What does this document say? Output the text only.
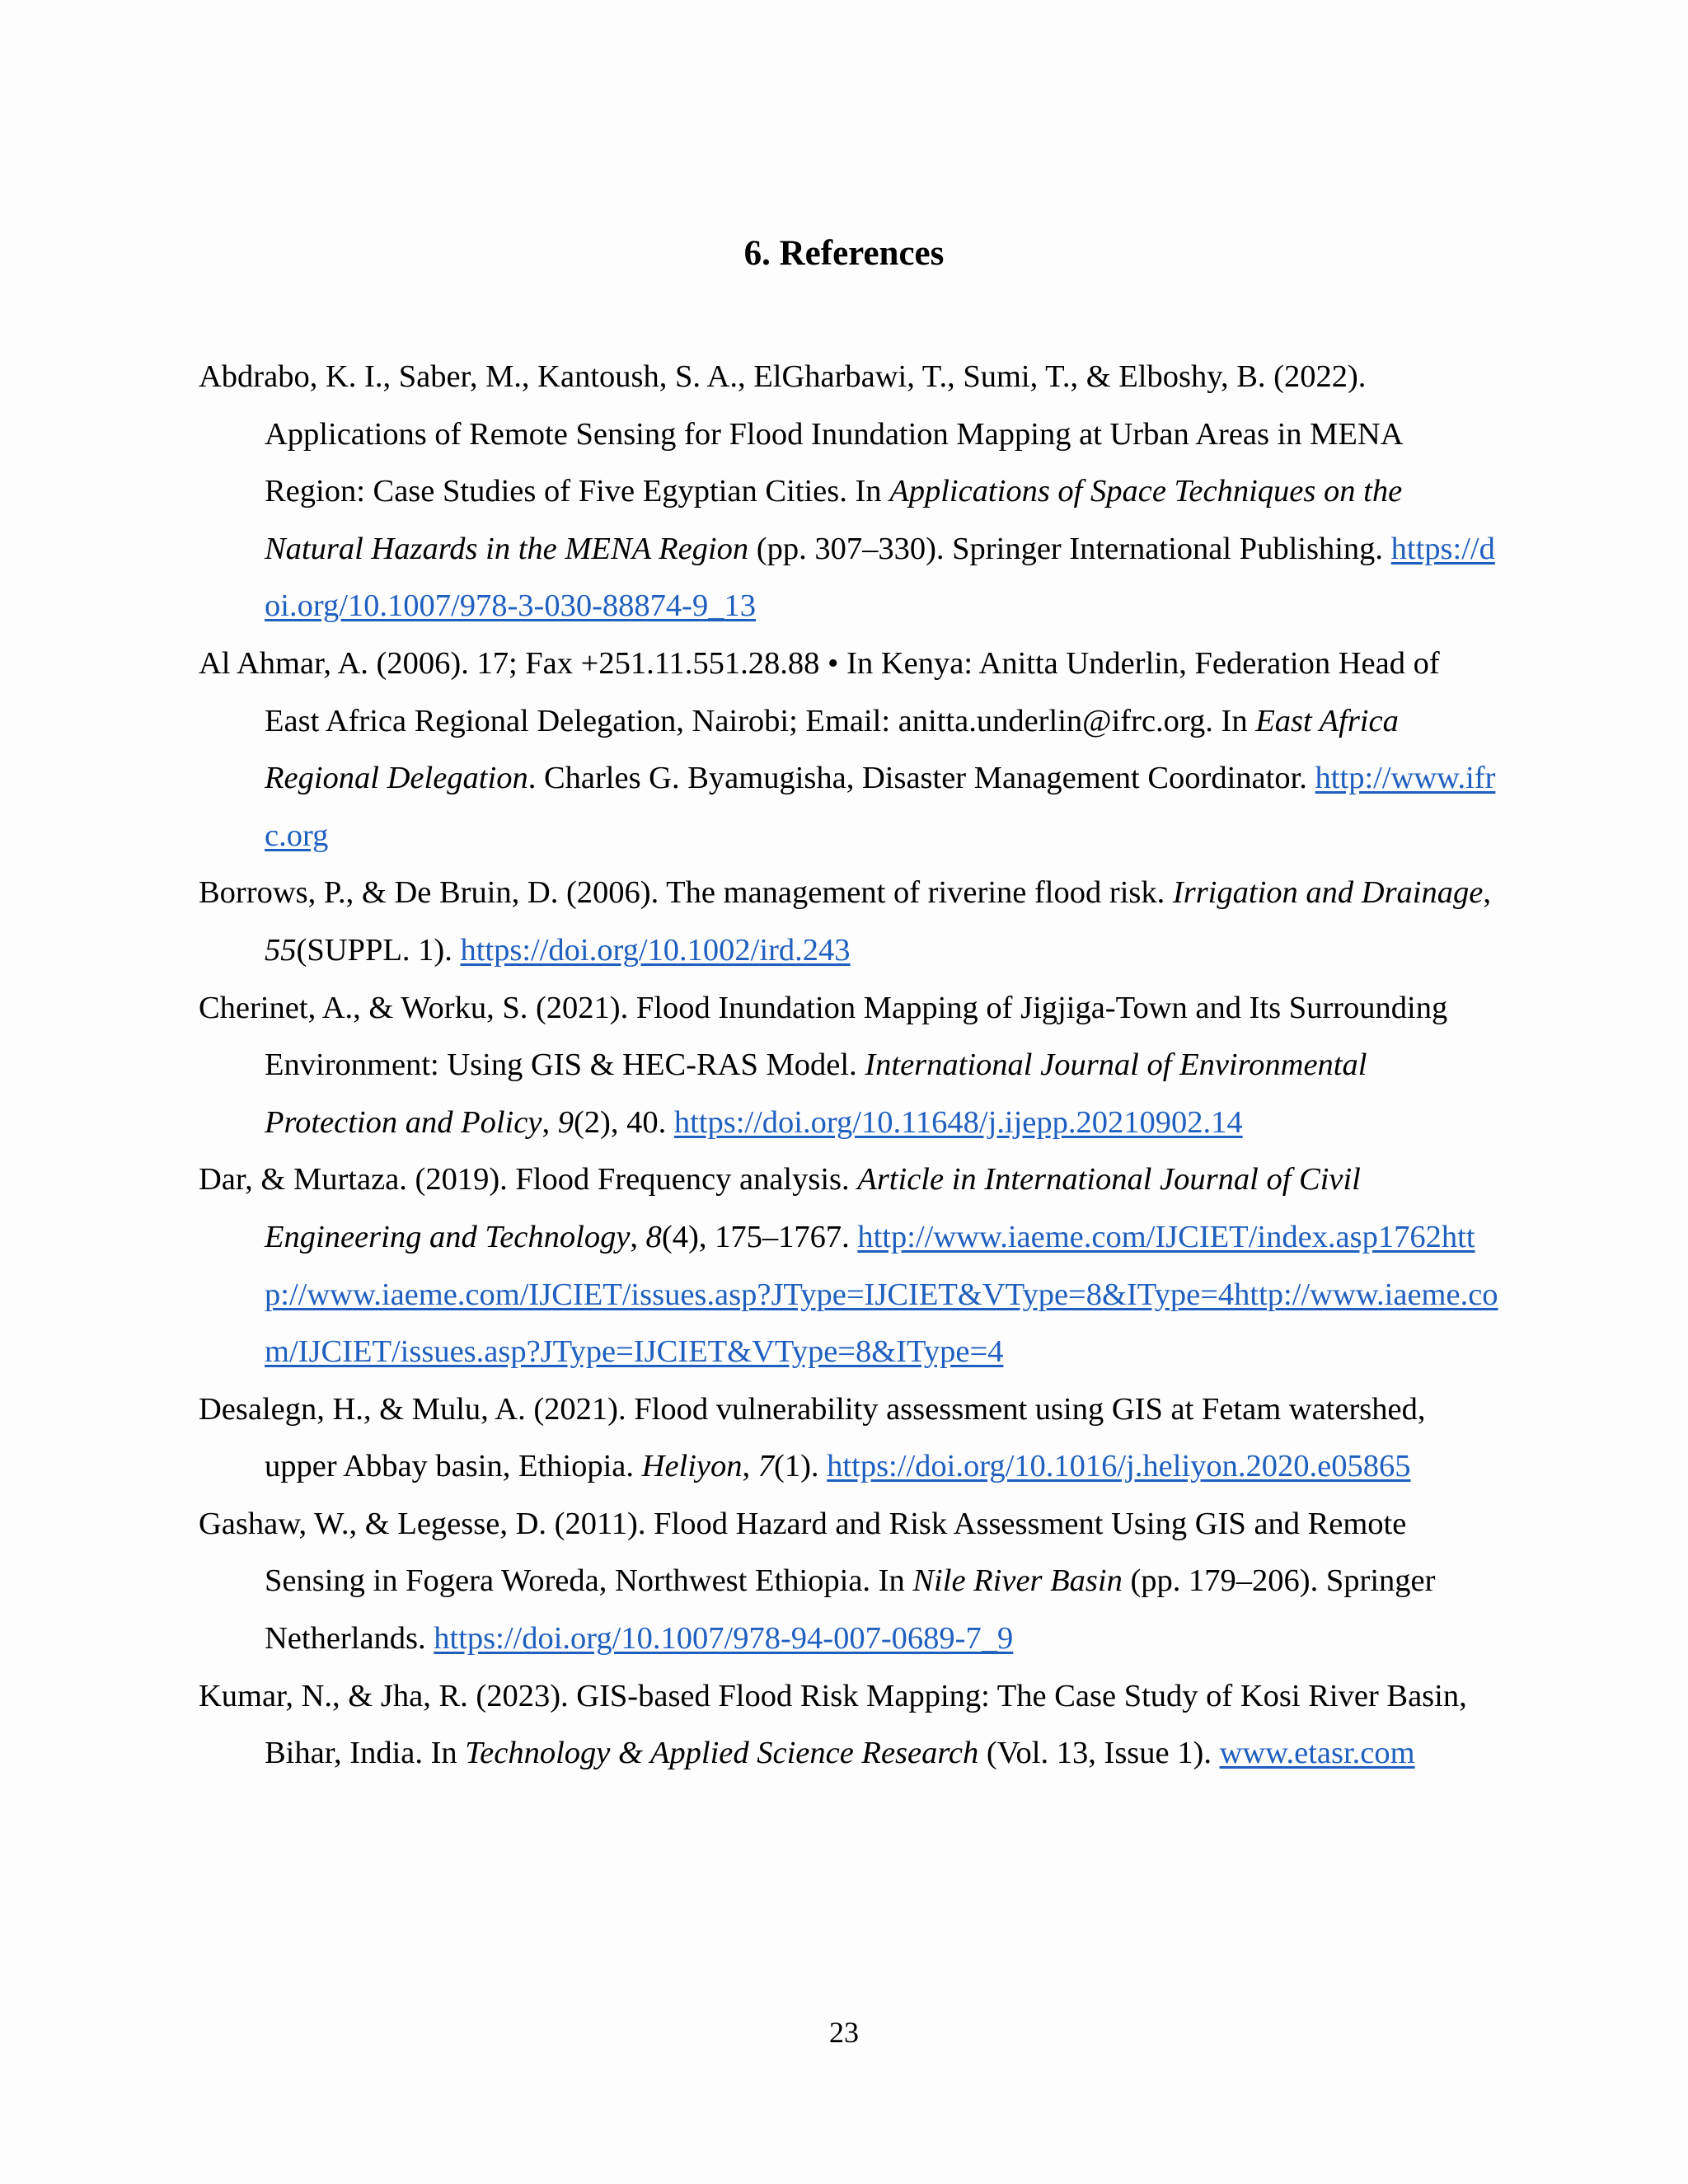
6. References

Abdrabo, K. I., Saber, M., Kantoush, S. A., ElGharbawi, T., Sumi, T., & Elboshy, B. (2022). Applications of Remote Sensing for Flood Inundation Mapping at Urban Areas in MENA Region: Case Studies of Five Egyptian Cities. In Applications of Space Techniques on the Natural Hazards in the MENA Region (pp. 307–330). Springer International Publishing. https://doi.org/10.1007/978-3-030-88874-9_13

Al Ahmar, A. (2006). 17; Fax +251.11.551.28.88 • In Kenya: Anitta Underlin, Federation Head of East Africa Regional Delegation, Nairobi; Email: anitta.underlin@ifrc.org. In East Africa Regional Delegation. Charles G. Byamugisha, Disaster Management Coordinator. http://www.ifrc.org

Borrows, P., & De Bruin, D. (2006). The management of riverine flood risk. Irrigation and Drainage, 55(SUPPL. 1). https://doi.org/10.1002/ird.243

Cherinet, A., & Worku, S. (2021). Flood Inundation Mapping of Jigjiga-Town and Its Surrounding Environment: Using GIS & HEC-RAS Model. International Journal of Environmental Protection and Policy, 9(2), 40. https://doi.org/10.11648/j.ijepp.20210902.14

Dar, & Murtaza. (2019). Flood Frequency analysis. Article in International Journal of Civil Engineering and Technology, 8(4), 175–1767. http://www.iaeme.com/IJCIET/index.asp1762http://www.iaeme.com/IJCIET/issues.asp?JType=IJCIET&VType=8&IType=4http://www.iaeme.com/IJCIET/issues.asp?JType=IJCIET&VType=8&IType=4

Desalegn, H., & Mulu, A. (2021). Flood vulnerability assessment using GIS at Fetam watershed, upper Abbay basin, Ethiopia. Heliyon, 7(1). https://doi.org/10.1016/j.heliyon.2020.e05865

Gashaw, W., & Legesse, D. (2011). Flood Hazard and Risk Assessment Using GIS and Remote Sensing in Fogera Woreda, Northwest Ethiopia. In Nile River Basin (pp. 179–206). Springer Netherlands. https://doi.org/10.1007/978-94-007-0689-7_9

Kumar, N., & Jha, R. (2023). GIS-based Flood Risk Mapping: The Case Study of Kosi River Basin, Bihar, India. In Technology & Applied Science Research (Vol. 13, Issue 1). www.etasr.com

23
